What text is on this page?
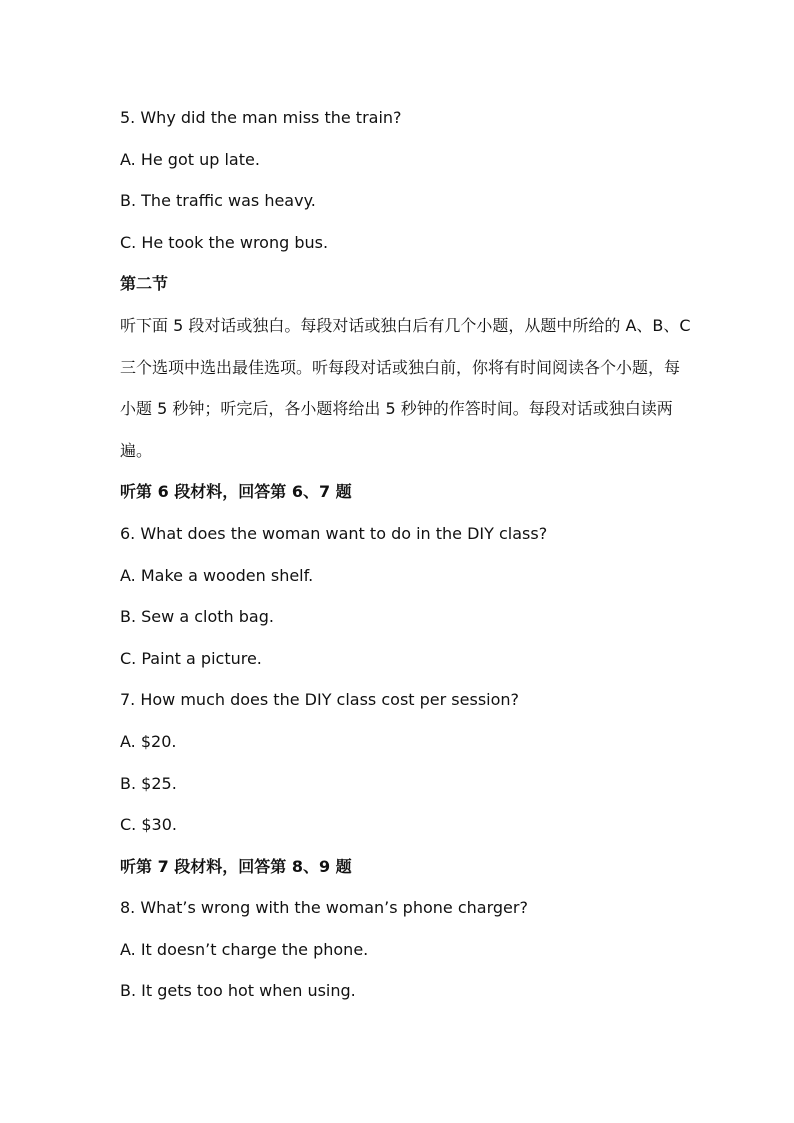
5. Why did the man miss the train?
A. He got up late.
B. The traffic was heavy.
C. He took the wrong bus.
第二节
听下面 5 段对话或独白。每段对话或独白后有几个小题，从题中所给的 A、B、C
三个选项中选出最佳选项。听每段对话或独白前，你将有时间阅读各个小题，每
小题 5 秒钟；听完后，各小题将给出 5 秒钟的作答时间。每段对话或独白读两
遍。
听第 6 段材料，回答第 6、7 题
6. What does the woman want to do in the DIY class?
A. Make a wooden shelf.
B. Sew a cloth bag.
C. Paint a picture.
7. How much does the DIY class cost per session?
A. $20.
B. $25.
C. $30.
听第 7 段材料，回答第 8、9 题
8. What’s wrong with the woman’s phone charger?
A. It doesn’t charge the phone.
B. It gets too hot when using.
